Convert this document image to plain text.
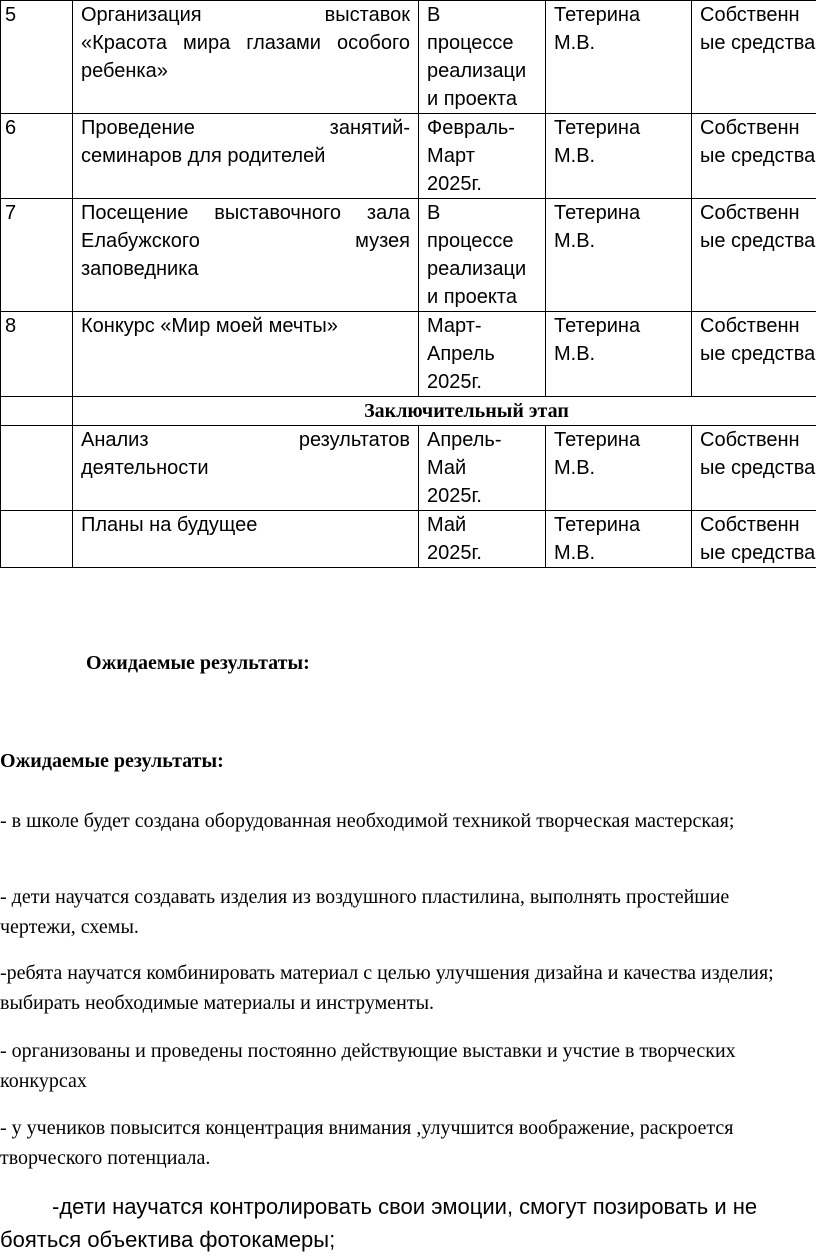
5	Организация выставок
«Красота мира глазами особого
ребенка»	В
процессе
реализаци
и проекта	Тетерина
М.В.	Собственн
ые средства

6	Проведение занятий-
семинаров для родителей	Февраль-
Март
2025г.	Тетерина
М.В.	Собственн
ые средства

7	Посещение выставочного зала
Елабужского музея
заповедника	В
процессе
реализаци
и проекта	Тетерина
М.В.	Собственн
ые средства

8	Конкурс «Мир моей мечты»	Март-
Апрель
2025г.	Тетерина
М.В.	Собственн
ые средства

	Заключительный этап			

	Анализ результатов
деятельности	Апрель-
Май
2025г.	Тетерина
М.В.	Собственн
ые средства

	Планы на будущее	Май
2025г.	Тетерина
М.В.	Собственн
ые средства

Ожидаемые результаты:

Ожидаемые результаты:

- в школе будет создана оборудованная необходимой техникой творческая мастерская;

- дети научатся создавать изделия из воздушного пластилина, выполнять простейшие чертежи, схемы.

-ребята научатся комбинировать материал с целью улучшения дизайна и качества изделия; выбирать необходимые материалы и инструменты.

- организованы и проведены постоянно действующие выставки и учстие в творческих конкурсах

- у учеников повысится концентрация внимания ,улучшится воображение, раскроется творческого потенциала.

-дети научатся контролировать свои эмоции, смогут позировать и не бояться объектива фотокамеры;
